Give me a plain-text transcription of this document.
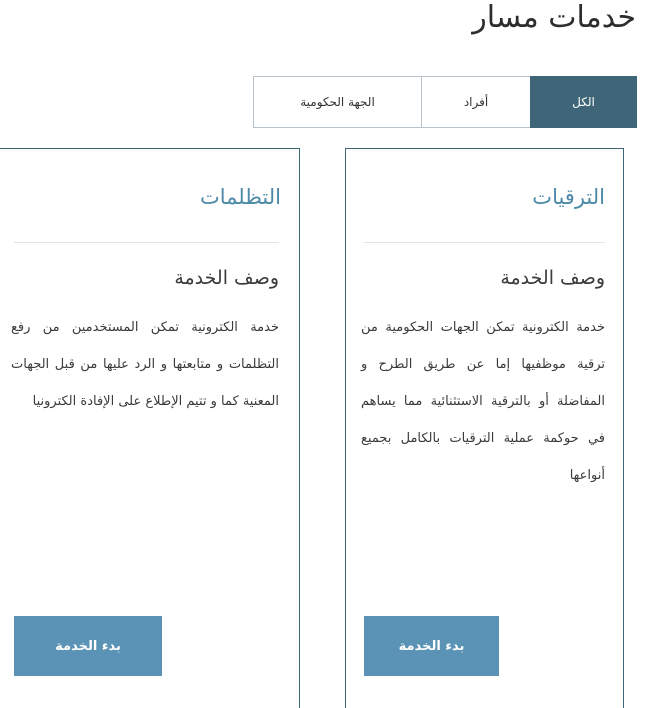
خدمات مسار
الكل
أفراد
الجهة الحكومية
الترقيات
وصف الخدمة

خدمة الكترونية تمكن الجهات الحكومية من ترقية موظفيها إما عن طريق الطرح و المفاضلة أو بالترقية الاستثنائية مما يساهم في حوكمة عملية الترقيات بالكامل بجميع أنواعها

بدء الخدمة
التظلمات
وصف الخدمة

خدمة الكترونية تمكن المستخدمين من رفع التظلمات و متابعتها و الرد عليها من قبل الجهات المعنية كما و تتيم الإطلاع على الإفادة الكترونيا

بدء الخدمة
